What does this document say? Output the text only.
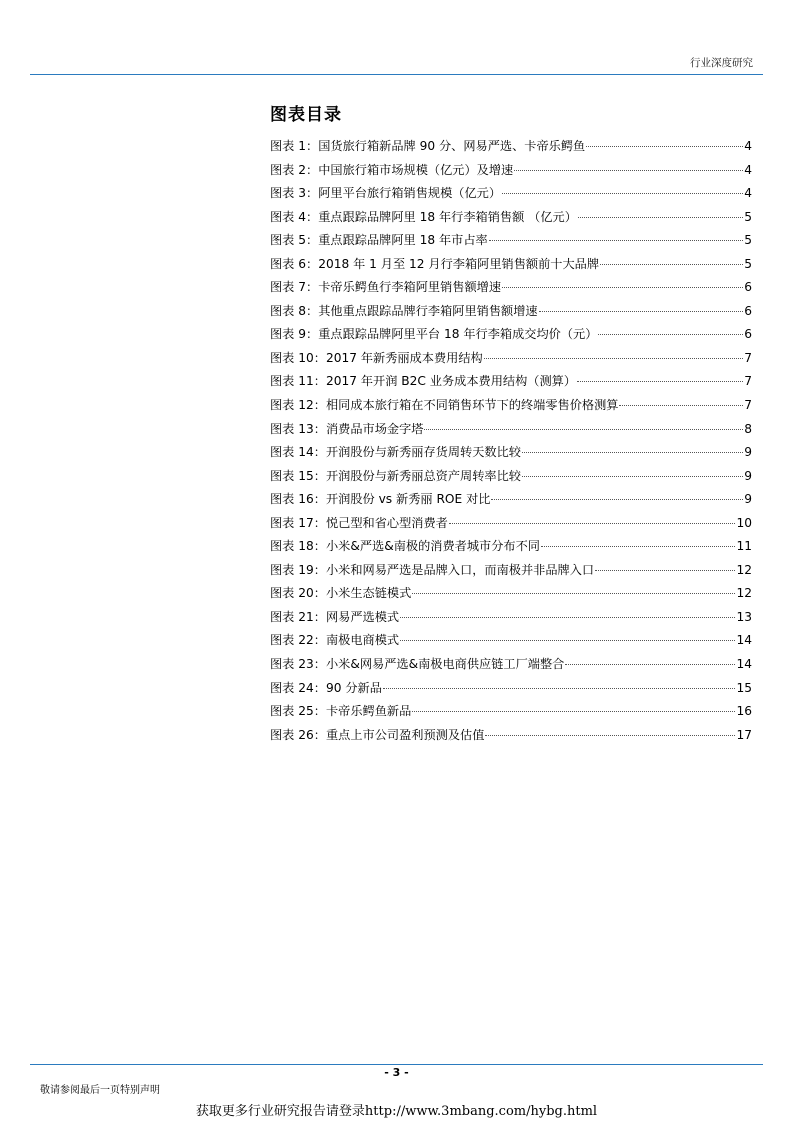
行业深度研究
图表目录
图表 1：国货旅行箱新品牌 90 分、网易严选、卡帝乐鳄鱼	4
图表 2：中国旅行箱市场规模（亿元）及增速	4
图表 3：阿里平台旅行箱销售规模（亿元）	4
图表 4：重点跟踪品牌阿里 18 年行李箱销售额 （亿元）	5
图表 5：重点跟踪品牌阿里 18 年市占率	5
图表 6：2018 年 1 月至 12 月行李箱阿里销售额前十大品牌	5
图表 7：卡帝乐鳄鱼行李箱阿里销售额增速	6
图表 8：其他重点跟踪品牌行李箱阿里销售额增速	6
图表 9：重点跟踪品牌阿里平台 18 年行李箱成交均价（元）	6
图表 10：2017 年新秀丽成本费用结构	7
图表 11：2017 年开润 B2C 业务成本费用结构（测算）	7
图表 12：相同成本旅行箱在不同销售环节下的终端零售价格测算	7
图表 13：消费品市场金字塔	8
图表 14：开润股份与新秀丽存货周转天数比较	9
图表 15：开润股份与新秀丽总资产周转率比较	9
图表 16：开润股份 vs 新秀丽 ROE 对比	9
图表 17：悦己型和省心型消费者	10
图表 18：小米&严选&南极的消费者城市分布不同	11
图表 19：小米和网易严选是品牌入口，而南极并非品牌入口	12
图表 20：小米生态链模式	12
图表 21：网易严选模式	13
图表 22：南极电商模式	14
图表 23：小米&网易严选&南极电商供应链工厂端整合	14
图表 24：90 分新品	15
图表 25：卡帝乐鳄鱼新品	16
图表 26：重点上市公司盈利预测及估值	17
- 3 -
敬请参阅最后一页特别声明
获取更多行业研究报告请登录http://www.3mbang.com/hybg.html
